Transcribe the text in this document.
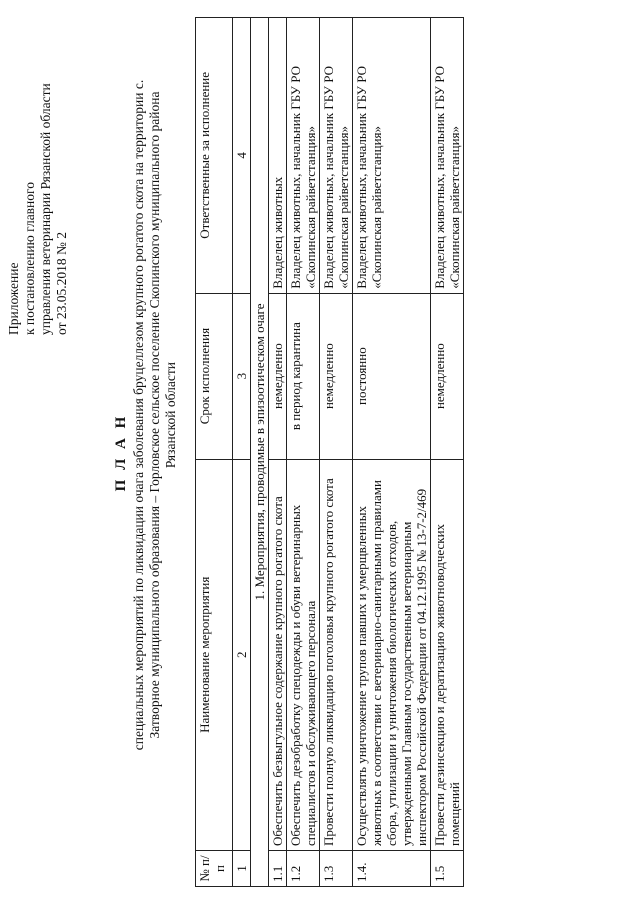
Приложение к постановлению главного управления ветеринарии Рязанской области от 23.05.2018 № 2
П Л А Н специальных мероприятий по ликвидации очага заболевания бруцеллезом крупного рогатого скота на территории с. Затворное муниципального образования – Горловское сельское поселение Скопинского муниципального района Рязанской области
№ п/п	Наименование мероприятия	Срок исполнения	Ответственные за исполнение
1	2	3	4
1. Мероприятия, проводимые в эпизоотическом очаге			
1.1	Обеспечить безвыгульное содержание крупного рогатого скота	немедленно	Владелец животных
1.2	Обеспечить дезобработку спецодежды и обуви ветеринарных специалистов и обслуживающего персонала	в период карантина	Владелец животных, начальник ГБУ РО «Скопинская райветстанция»
1.3	Провести полную ликвидацию поголовья крупного рогатого скота	немедленно	Владелец животных, начальник ГБУ РО «Скопинская райветстанция»
1.4.	Осуществлять уничтожение трупов павших и умерщвленных животных в соответствии с ветеринарно-санитарными правилами сбора, утилизации и уничтожения биологических отходов, утвержденными Главным государственным ветеринарным инспектором Российской Федерации от 04.12.1995 № 13-7-2/469	постоянно	Владелец животных, начальник ГБУ РО «Скопинская райветстанция»
1.5	Провести дезинсекцию и дератизацию животноводческих помещений	немедленно	Владелец животных, начальник ГБУ РО «Скопинская райветстанция»
